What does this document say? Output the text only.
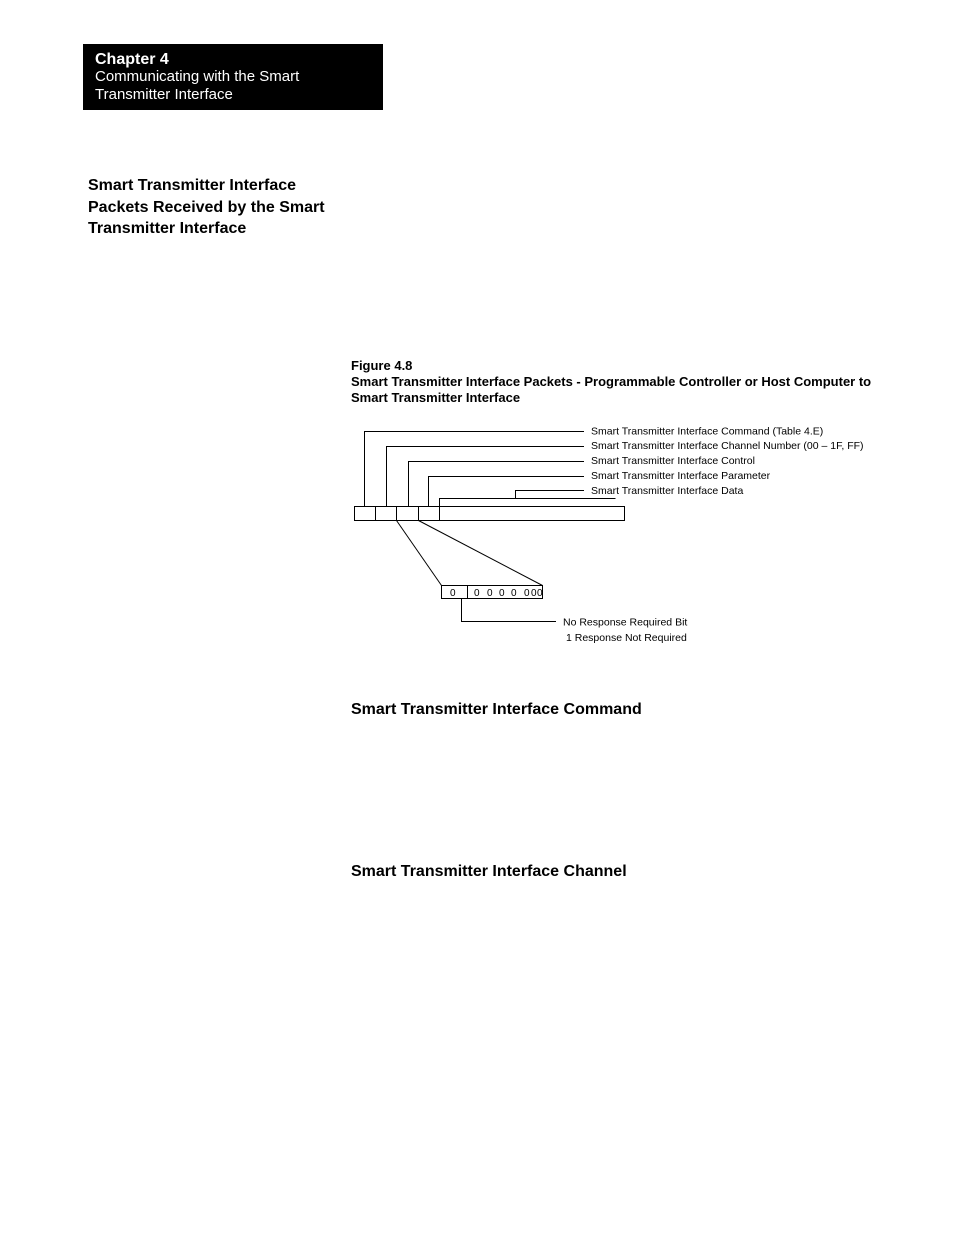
Chapter 4
Communicating with the Smart Transmitter Interface
Smart Transmitter Interface Packets Received by the Smart Transmitter Interface
Figure 4.8
Smart Transmitter Interface Packets - Programmable Controller or Host Computer to Smart Transmitter Interface
Smart Transmitter Interface Command (Table 4.E)
Smart Transmitter Interface Channel Number (00 – 1F, FF)
Smart Transmitter Interface Control
Smart Transmitter Interface Parameter
Smart Transmitter Interface Data
0 0 0 0 0 0 0 0
No Response Required Bit
1 Response Not Required
Smart Transmitter Interface Command
Smart Transmitter Interface Channel
